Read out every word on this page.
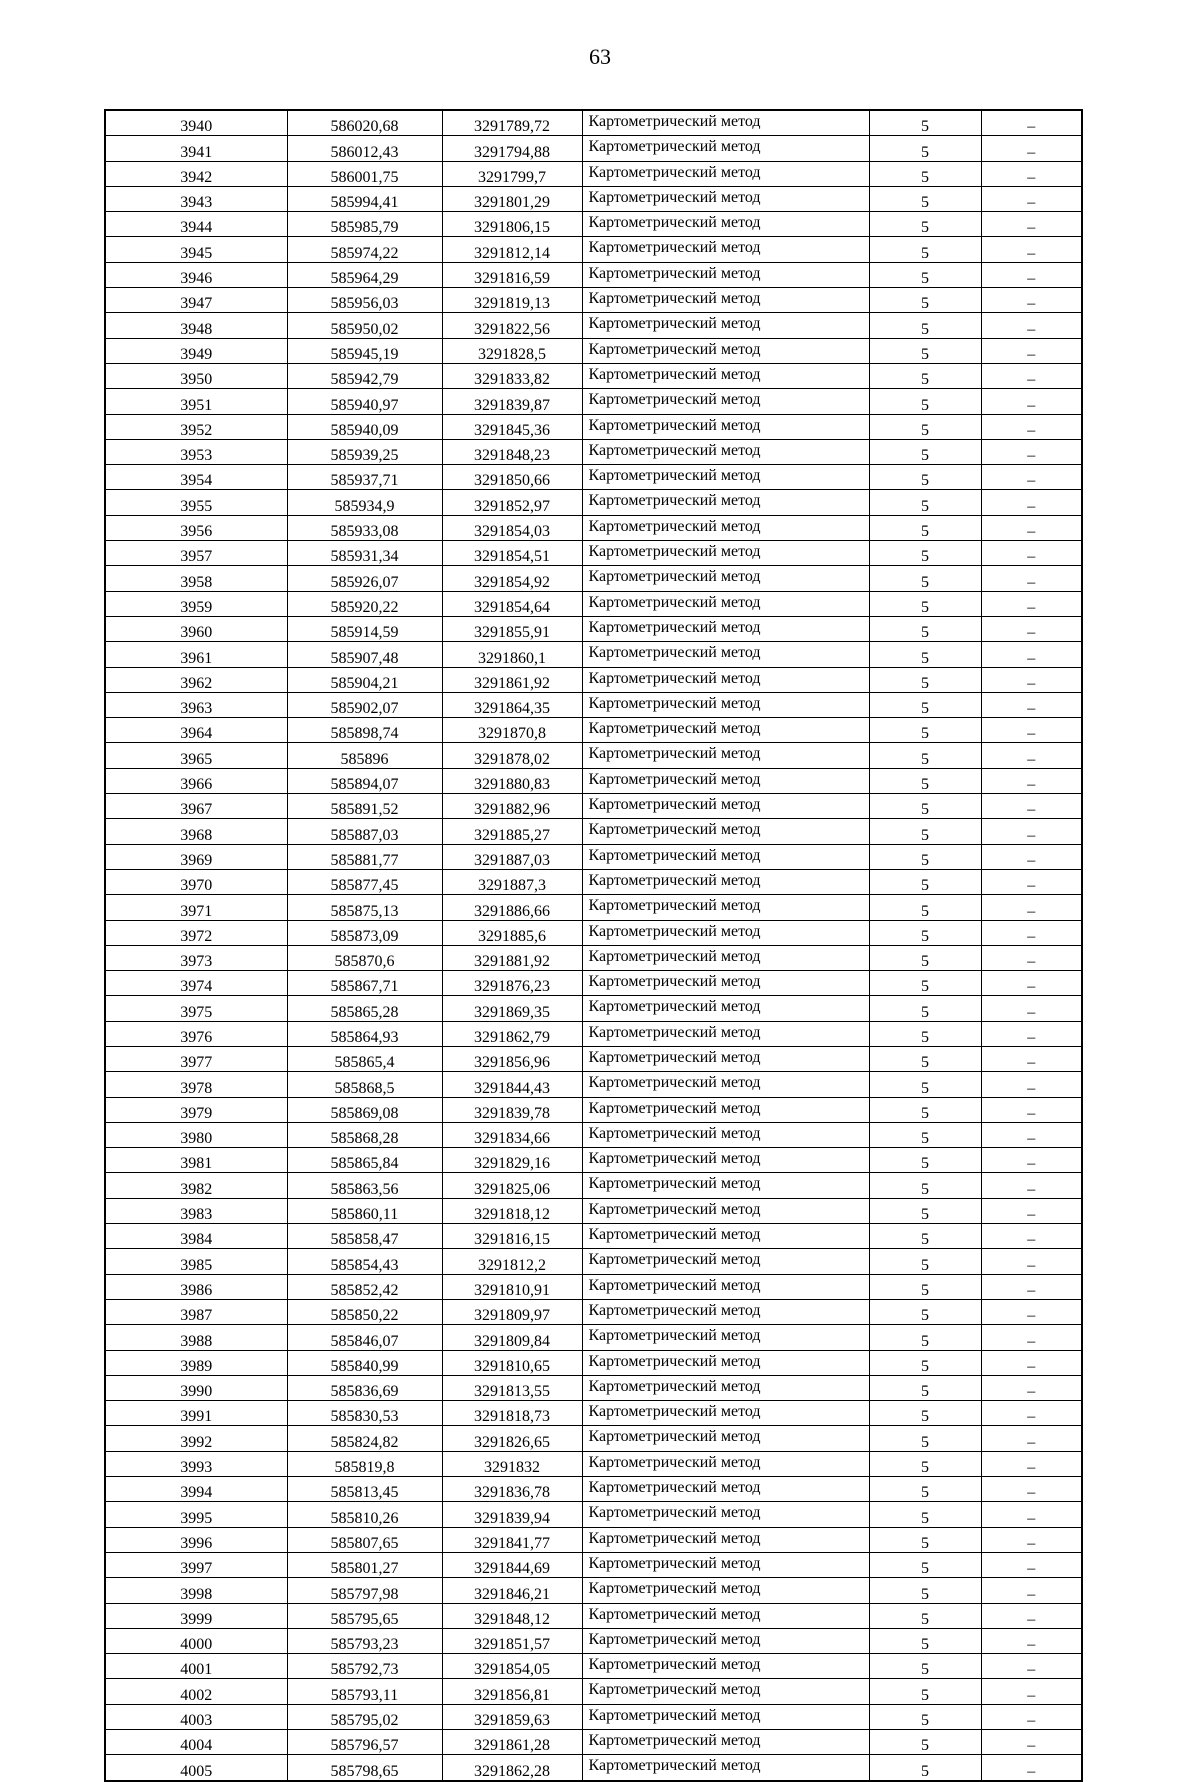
63
3940	586020,68	3291789,72	Картометрический метод	5	–
3941	586012,43	3291794,88	Картометрический метод	5	–
3942	586001,75	3291799,7	Картометрический метод	5	–
3943	585994,41	3291801,29	Картометрический метод	5	–
3944	585985,79	3291806,15	Картометрический метод	5	–
3945	585974,22	3291812,14	Картометрический метод	5	–
3946	585964,29	3291816,59	Картометрический метод	5	–
3947	585956,03	3291819,13	Картометрический метод	5	–
3948	585950,02	3291822,56	Картометрический метод	5	–
3949	585945,19	3291828,5	Картометрический метод	5	–
3950	585942,79	3291833,82	Картометрический метод	5	–
3951	585940,97	3291839,87	Картометрический метод	5	–
3952	585940,09	3291845,36	Картометрический метод	5	–
3953	585939,25	3291848,23	Картометрический метод	5	–
3954	585937,71	3291850,66	Картометрический метод	5	–
3955	585934,9	3291852,97	Картометрический метод	5	–
3956	585933,08	3291854,03	Картометрический метод	5	–
3957	585931,34	3291854,51	Картометрический метод	5	–
3958	585926,07	3291854,92	Картометрический метод	5	–
3959	585920,22	3291854,64	Картометрический метод	5	–
3960	585914,59	3291855,91	Картометрический метод	5	–
3961	585907,48	3291860,1	Картометрический метод	5	–
3962	585904,21	3291861,92	Картометрический метод	5	–
3963	585902,07	3291864,35	Картометрический метод	5	–
3964	585898,74	3291870,8	Картометрический метод	5	–
3965	585896	3291878,02	Картометрический метод	5	–
3966	585894,07	3291880,83	Картометрический метод	5	–
3967	585891,52	3291882,96	Картометрический метод	5	–
3968	585887,03	3291885,27	Картометрический метод	5	–
3969	585881,77	3291887,03	Картометрический метод	5	–
3970	585877,45	3291887,3	Картометрический метод	5	–
3971	585875,13	3291886,66	Картометрический метод	5	–
3972	585873,09	3291885,6	Картометрический метод	5	–
3973	585870,6	3291881,92	Картометрический метод	5	–
3974	585867,71	3291876,23	Картометрический метод	5	–
3975	585865,28	3291869,35	Картометрический метод	5	–
3976	585864,93	3291862,79	Картометрический метод	5	–
3977	585865,4	3291856,96	Картометрический метод	5	–
3978	585868,5	3291844,43	Картометрический метод	5	–
3979	585869,08	3291839,78	Картометрический метод	5	–
3980	585868,28	3291834,66	Картометрический метод	5	–
3981	585865,84	3291829,16	Картометрический метод	5	–
3982	585863,56	3291825,06	Картометрический метод	5	–
3983	585860,11	3291818,12	Картометрический метод	5	–
3984	585858,47	3291816,15	Картометрический метод	5	–
3985	585854,43	3291812,2	Картометрический метод	5	–
3986	585852,42	3291810,91	Картометрический метод	5	–
3987	585850,22	3291809,97	Картометрический метод	5	–
3988	585846,07	3291809,84	Картометрический метод	5	–
3989	585840,99	3291810,65	Картометрический метод	5	–
3990	585836,69	3291813,55	Картометрический метод	5	–
3991	585830,53	3291818,73	Картометрический метод	5	–
3992	585824,82	3291826,65	Картометрический метод	5	–
3993	585819,8	3291832	Картометрический метод	5	–
3994	585813,45	3291836,78	Картометрический метод	5	–
3995	585810,26	3291839,94	Картометрический метод	5	–
3996	585807,65	3291841,77	Картометрический метод	5	–
3997	585801,27	3291844,69	Картометрический метод	5	–
3998	585797,98	3291846,21	Картометрический метод	5	–
3999	585795,65	3291848,12	Картометрический метод	5	–
4000	585793,23	3291851,57	Картометрический метод	5	–
4001	585792,73	3291854,05	Картометрический метод	5	–
4002	585793,11	3291856,81	Картометрический метод	5	–
4003	585795,02	3291859,63	Картометрический метод	5	–
4004	585796,57	3291861,28	Картометрический метод	5	–
4005	585798,65	3291862,28	Картометрический метод	5	–
